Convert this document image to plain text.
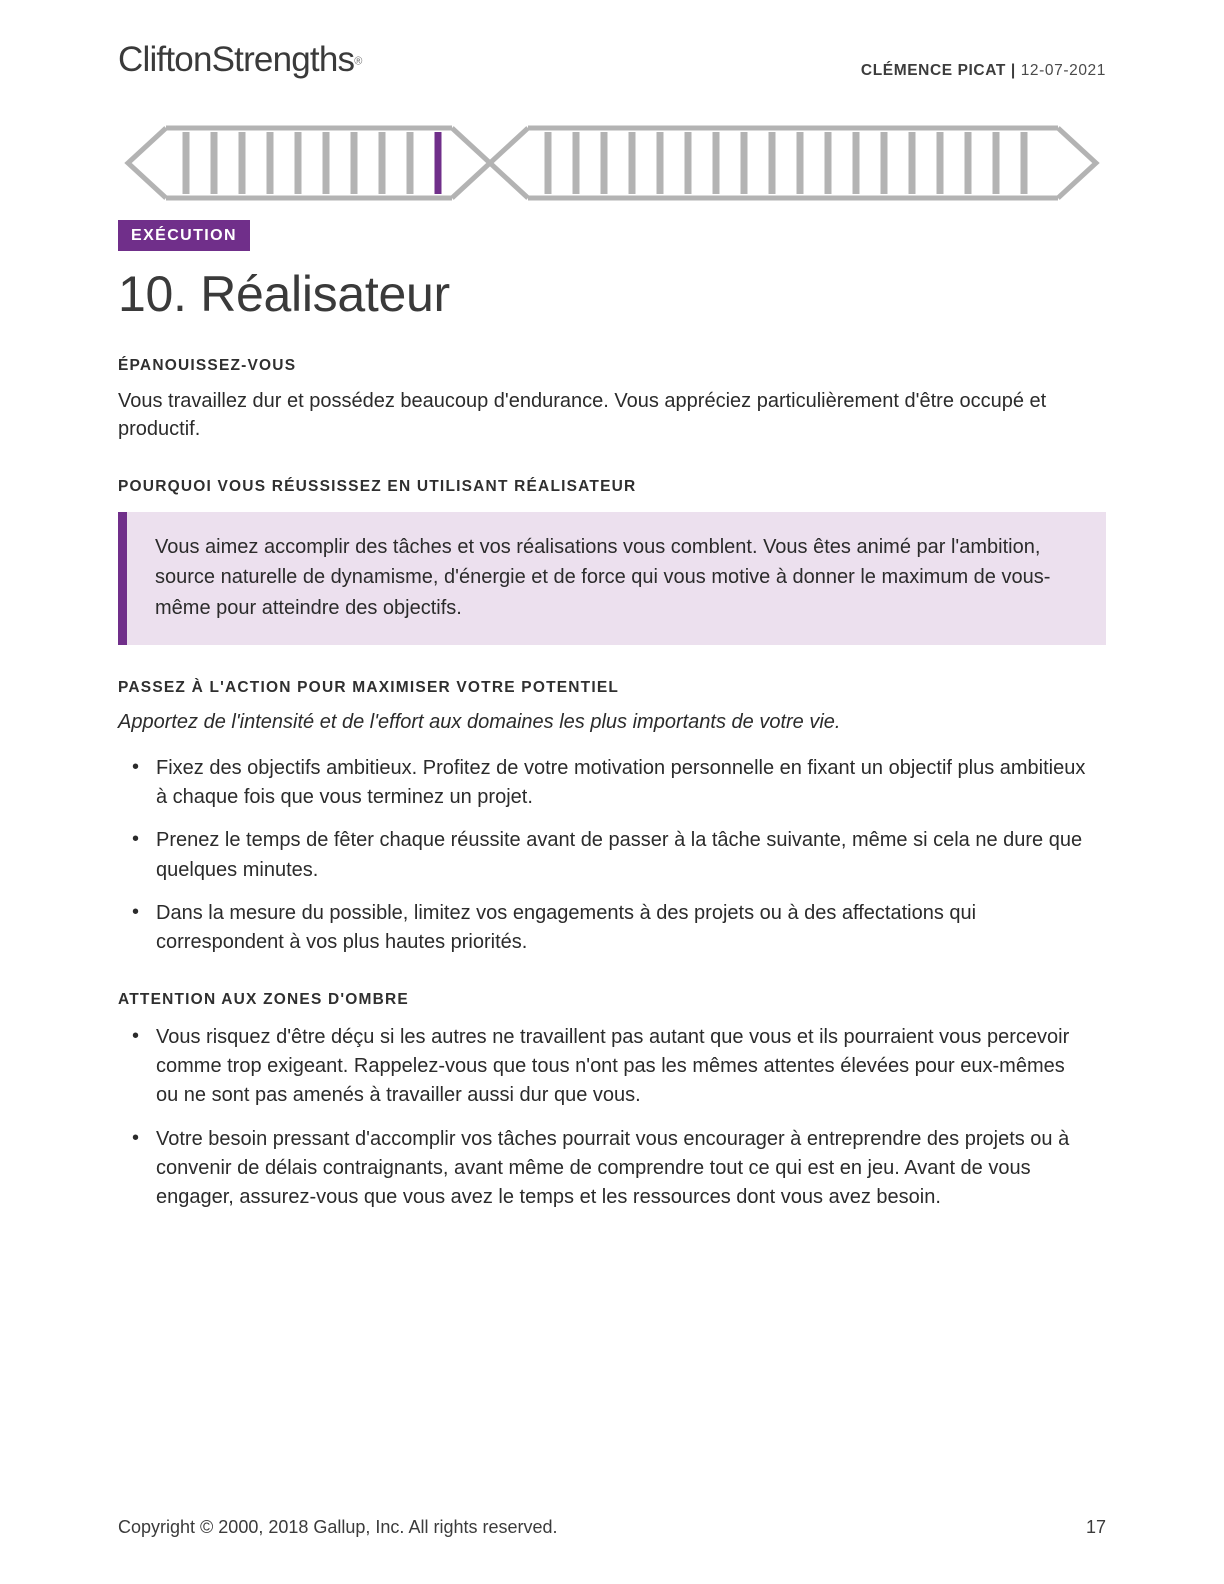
CliftonStrengths®
CLÉMENCE PICAT | 12-07-2021
EXÉCUTION
10. Réalisateur
ÉPANOUISSEZ-VOUS

Vous travaillez dur et possédez beaucoup d'endurance. Vous appréciez particulièrement d'être occupé et productif.

POURQUOI VOUS RÉUSSISSEZ EN UTILISANT RÉALISATEUR

Vous aimez accomplir des tâches et vos réalisations vous comblent. Vous êtes animé par l'ambition, source naturelle de dynamisme, d'énergie et de force qui vous motive à donner le maximum de vous-même pour atteindre des objectifs.

PASSEZ À L'ACTION POUR MAXIMISER VOTRE POTENTIEL

Apportez de l'intensité et de l'effort aux domaines les plus importants de votre vie.

• Fixez des objectifs ambitieux. Profitez de votre motivation personnelle en fixant un objectif plus ambitieux à chaque fois que vous terminez un projet.
• Prenez le temps de fêter chaque réussite avant de passer à la tâche suivante, même si cela ne dure que quelques minutes.
• Dans la mesure du possible, limitez vos engagements à des projets ou à des affectations qui correspondent à vos plus hautes priorités.
ATTENTION AUX ZONES D'OMBRE
• Vous risquez d'être déçu si les autres ne travaillent pas autant que vous et ils pourraient vous percevoir comme trop exigeant. Rappelez-vous que tous n'ont pas les mêmes attentes élevées pour eux-mêmes ou ne sont pas amenés à travailler aussi dur que vous.
• Votre besoin pressant d'accomplir vos tâches pourrait vous encourager à entreprendre des projets ou à convenir de délais contraignants, avant même de comprendre tout ce qui est en jeu. Avant de vous engager, assurez-vous que vous avez le temps et les ressources dont vous avez besoin.
Copyright © 2000, 2018 Gallup, Inc. All rights reserved.	17
